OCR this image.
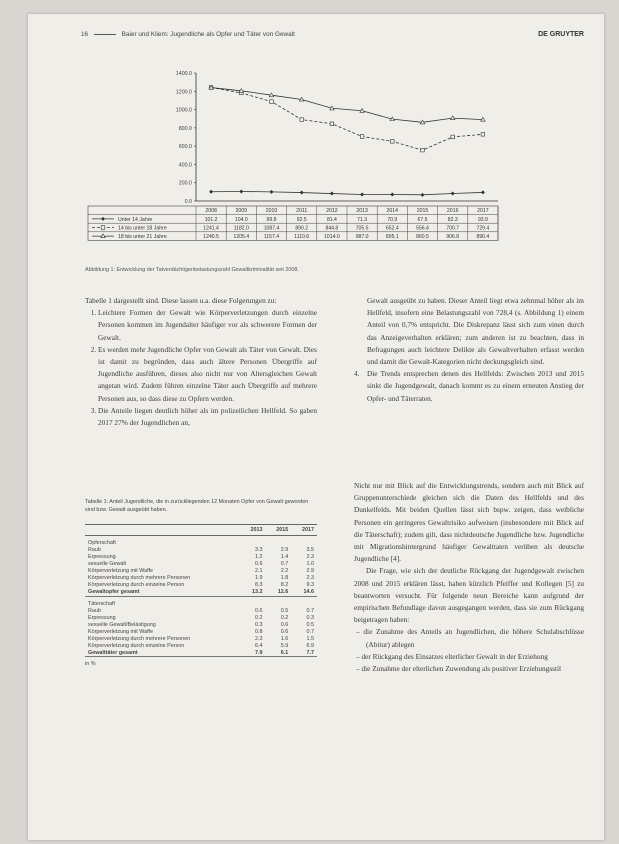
16	Baier und Kliem: Jugendliche als Opfer und Täter von Gewalt	DE GRUYTER
1400.0
1200.0
1000.0
800.0
600.0
400.0
200.0
0.0
2008	2009	2010	2011	2012	2013	2014	2015	2016	2017
Unter 14 Jahre	101.2	104.0	99.8	92.5	81.4	71.3	70.9	67.5	82.3	93.9
14 bis unter 18 Jahre	1241.4	1182.0	1087.4	890.2	844.8	705.5	652.4	556.4	700.7	729.4
18 bis unter 21 Jahre	1240.5	1205.4	1157.4	1110.6	1014.0	987.0	895.1	860.5	906.8	890.4
Abbildung 1: Entwicklung der Tatverdächtigenbelastungszahl Gewaltkriminalität seit 2008.

Tabelle 1 dargestellt sind. Diese lassen u.a. diese Folgerungen zu:

1. Leichtere Formen der Gewalt wie Körperverletzungen durch einzelne Personen kommen im Jugendalter häufiger vor als schwerere Formen der Gewalt.
2. Es werden mehr Jugendliche Opfer von Gewalt als Täter von Gewalt. Dies ist damit zu begründen, dass auch ältere Personen Übergriffe auf Jugendliche ausführen, dieses also nicht nur von Altersgleichen Gewalt angetan wird. Zudem führen einzelne Täter auch Übergriffe auf mehrere Personen aus, so dass diese zu Opfern werden.
3. Die Anteile liegen deutlich höher als im polizeilichen Hellfeld. So gaben 2017 27% der Jugendlichen an,

Gewalt ausgeübt zu haben. Dieser Anteil liegt etwa zehnmal höher als im Hellfeld, insofern eine Belastungszahl von 728,4 (s. Abbildung 1) einem Anteil von 0,7% entspricht. Die Diskrepanz lässt sich zum einen durch das Anzeigeverhalten erklären; zum anderen ist zu beachten, dass in Befragungen auch leichtere Delikte als Gewaltverhalten erfasst werden und damit die Gewalt-Kategorien nicht deckungsgleich sind.

4. Die Trends entsprechen denen des Hellfelds: Zwischen 2013 und 2015 sinkt die Jugendgewalt, danach kommt es zu einem erneuten Anstieg der Opfer- und Täterraten.

Nicht nur mit Blick auf die Entwicklungstrends, sondern auch mit Blick auf Gruppenunterschiede gleichen sich die Daten des Hellfelds und des Dunkelfelds. Mit beiden Quellen lässt sich bspw. zeigen, dass weibliche Personen ein geringeres Gewaltrisiko aufweisen (insbesondere mit Blick auf die Täterschaft); zudem gilt, dass nichtdeutsche Jugendliche bzw. Jugendliche mit Migrationshintergrund häufiger Gewalttaten verüben als deutsche Jugendliche [4].

Die Frage, wie sich der deutliche Rückgang der Jugendgewalt zwischen 2008 und 2015 erklären lässt, haben kürzlich Pfeiffer und Kollegen [5] zu beantworten versucht. Für folgende neun Bereiche kann aufgrund der empirischen Befundlage davon ausgegangen werden, dass sie zum Rückgang beigetragen haben:

– die Zunahme des Anteils an Jugendlichen, die höhere Schulabschlüsse (Abitur) ablegen
– der Rückgang des Einsatzes elterlicher Gewalt in der Erziehung
– die Zunahme der elterlichen Zuwendung als positiver Erziehungsstil
Tabelle 1: Anteil Jugendliche, die in zurückliegenden 12 Monaten Opfer von Gewalt geworden sind bzw. Gewalt ausgeübt haben.
	2013	2015	2017
Opferschaft			
Raub	3.3	2.9	3.5
Erpressung	1.2	1.4	2.3
sexuelle Gewalt	0.6	0.7	1.0
Körperverletzung mit Waffe	2.1	2.2	2.9
Körperverletzung durch mehrere Personen	1.9	1.8	2.3
Körperverletzung durch einzelne Person	8.3	8.2	9.3
Gewaltopfer gesamt	13.2	12.6	14.6
Täterschaft			
Raub	0.6	0.5	0.7
Erpressung	0.2	0.2	0.3
sexuelle Gewalt/Belästigung	0.3	0.6	0.5
Körperverletzung mit Waffe	0.8	0.6	0.7
Körperverletzung durch mehrere Personen	2.3	1.6	1.5
Körperverletzung durch einzelne Person	6.4	5.9	6.9
Gewalttäter gesamt	7.9	6.1	7.7
in %
